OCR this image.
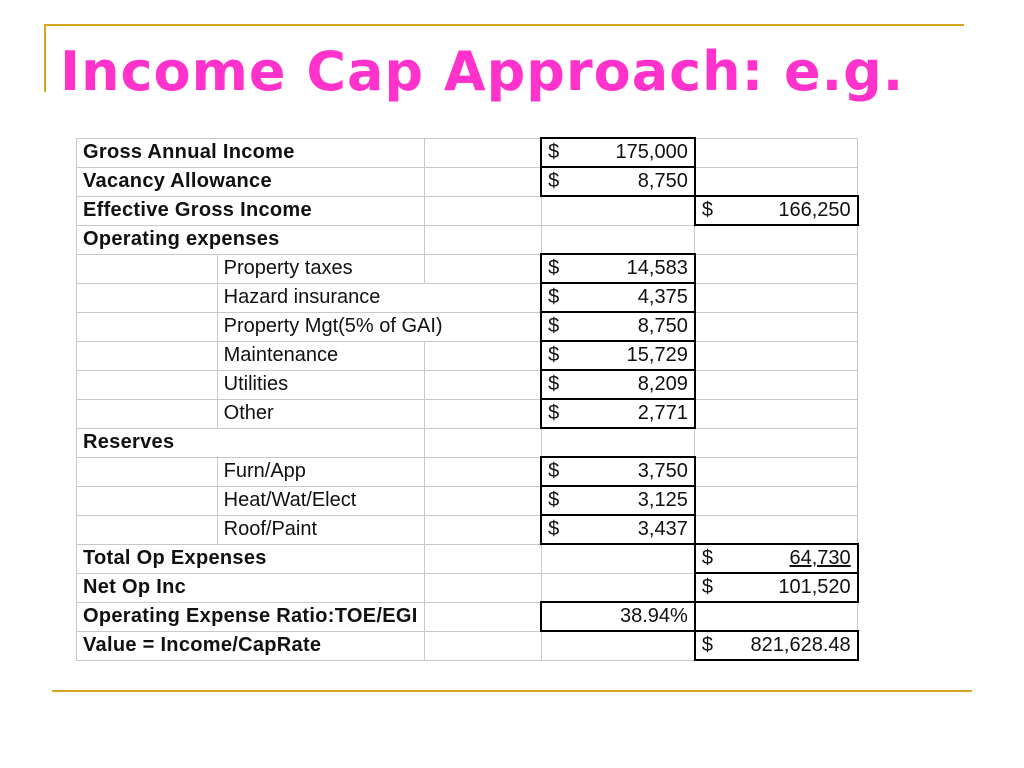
Income Cap Approach: e.g.
Gross Annual Income			$ 175,000	

Vacancy Allowance			$ 8,750	

Effective Gross Income				$ 166,250

Operating expenses				
	Property taxes		$ 14,583	

	Hazard insurance		$ 4,375	

	Property Mgt(5% of GAI)		$ 8,750	

	Maintenance		$ 15,729	

	Utilities		$ 8,209	

	Other		$ 2,771	

Reserves				
	Furn/App		$ 3,750	

	Heat/Wat/Elect		$ 3,125	

	Roof/Paint		$ 3,437	

Total Op Expenses				$ 64,730

Net Op Inc				$ 101,520

Operating Expense Ratio:TOE/EGI			38.94%	
Value = Income/CapRate				$ 821,628.48
